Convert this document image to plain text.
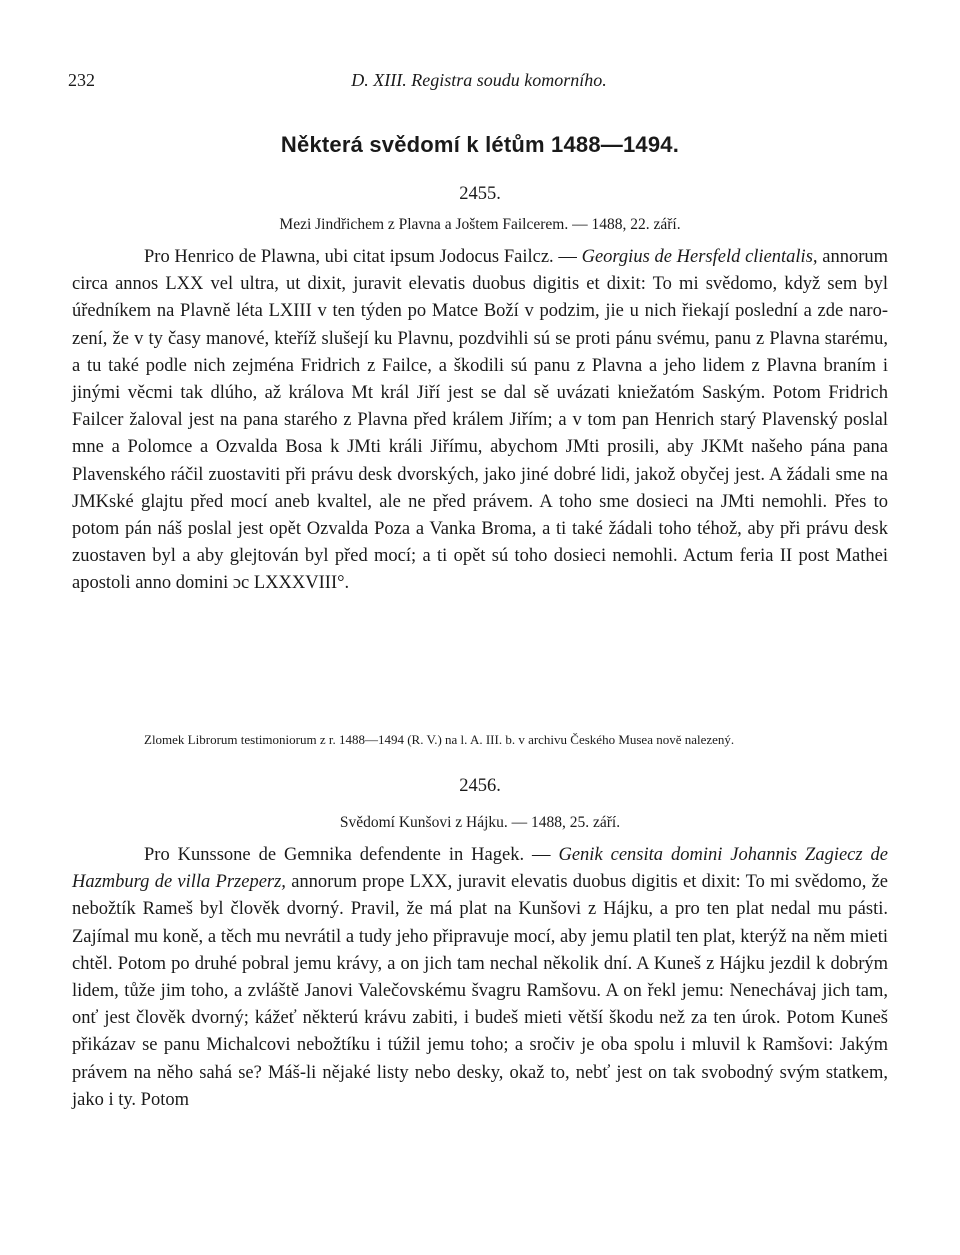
232	D. XIII. Registra soudu komorního.
Některá svědomí k létům 1488—1494.
2455.
Mezi Jindřichem z Plavna a Joštem Failcerem. — 1488, 22. září.

Pro Henrico de Plawna, ubi citat ipsum Jodocus Failcz. — Georgius de Hersfeld clientalis, annorum circa annos LXX vel ultra, ut dixit, juravit elevatis duobus digitis et dixit: To mi svědomo, když sem byl úředníkem na Plavně léta LXIII v ten týden po Matce Boží v podzim, jie u nich řiekají poslední a zde narození, že v ty časy manové, kteříž slušejí ku Plavnu, pozdvihli sú se proti pánu svému, panu z Plavna starému, a tu také podle nich zejména Fridrich z Failce, a škodili sú panu z Plavna a jeho lidem z Plavna braním i jinými věcmi tak dlúho, až králova Mt král Jiří jest se dal sě uvázati kniežatóm Saským. Potom Fridrich Failcer žaloval jest na pana starého z Plavna před králem Jiřím; a v tom pan Henrich starý Plavenský poslal mne a Polomce a Ozvalda Bosa k JMti králi Jiřímu, abychom JMti prosili, aby JKMt našeho pána pana Plavenského ráčil zuostaviti při právu desk dvorských, jako jiné dobré lidi, jakož obyčej jest. A žádali sme na JMKské glajtu před mocí aneb kvaltel, ale ne před právem. A toho sme dosieci na JMti nemohli. Přes to potom pán náš poslal jest opět Ozvalda Poza a Vanka Broma, a ti také žádali toho téhož, aby při právu desk zuostaven byl a aby glejtován byl před mocí; a ti opět sú toho dosieci nemohli. Actum feria II post Mathei apostoli anno domini ɔc LXXXVIII°.

Zlomek Librorum testimoniorum z r. 1488—1494 (R. V.) na l. A. III. b. v archivu Českého Musea nově nalezený.

2456.
Svědomí Kunšovi z Hájku. — 1488, 25. září.

Pro Kunssone de Gemnika defendente in Hagek. — Genik censita domini Johannis Zagiecz de Hazmburg de villa Przeperz, annorum prope LXX, juravit elevatis duobus digitis et dixit: To mi svědomo, že nebožtík Rameš byl člověk dvorný. Pravil, že má plat na Kunšovi z Hájku, a pro ten plat nedal mu pásti. Zajímal mu koně, a těch mu nevrátil a tudy jeho připravuje mocí, aby jemu platil ten plat, kterýž na něm mieti chtěl. Potom po druhé pobral jemu krávy, a on jich tam nechal několik dní. A Kuneš z Hájku jezdil k dobrým lidem, tůže jim toho, a zvláště Janovi Valečovskému švagru Ramšovu. A on řekl jemu: Nenechávaj jich tam, onť jest člověk dvorný; kážeť některú krávu zabiti, i budeš mieti větší škodu než za ten úrok. Potom Kuneš přikázav se panu Michalcovi nebožtíku i túžil jemu toho; a sročiv je oba spolu i mluvil k Ramšovi: Jakým právem na něho sahá se? Máš-li nějaké listy nebo desky, okaž to, nebť jest on tak svobodný svým statkem, jako i ty. Potom
